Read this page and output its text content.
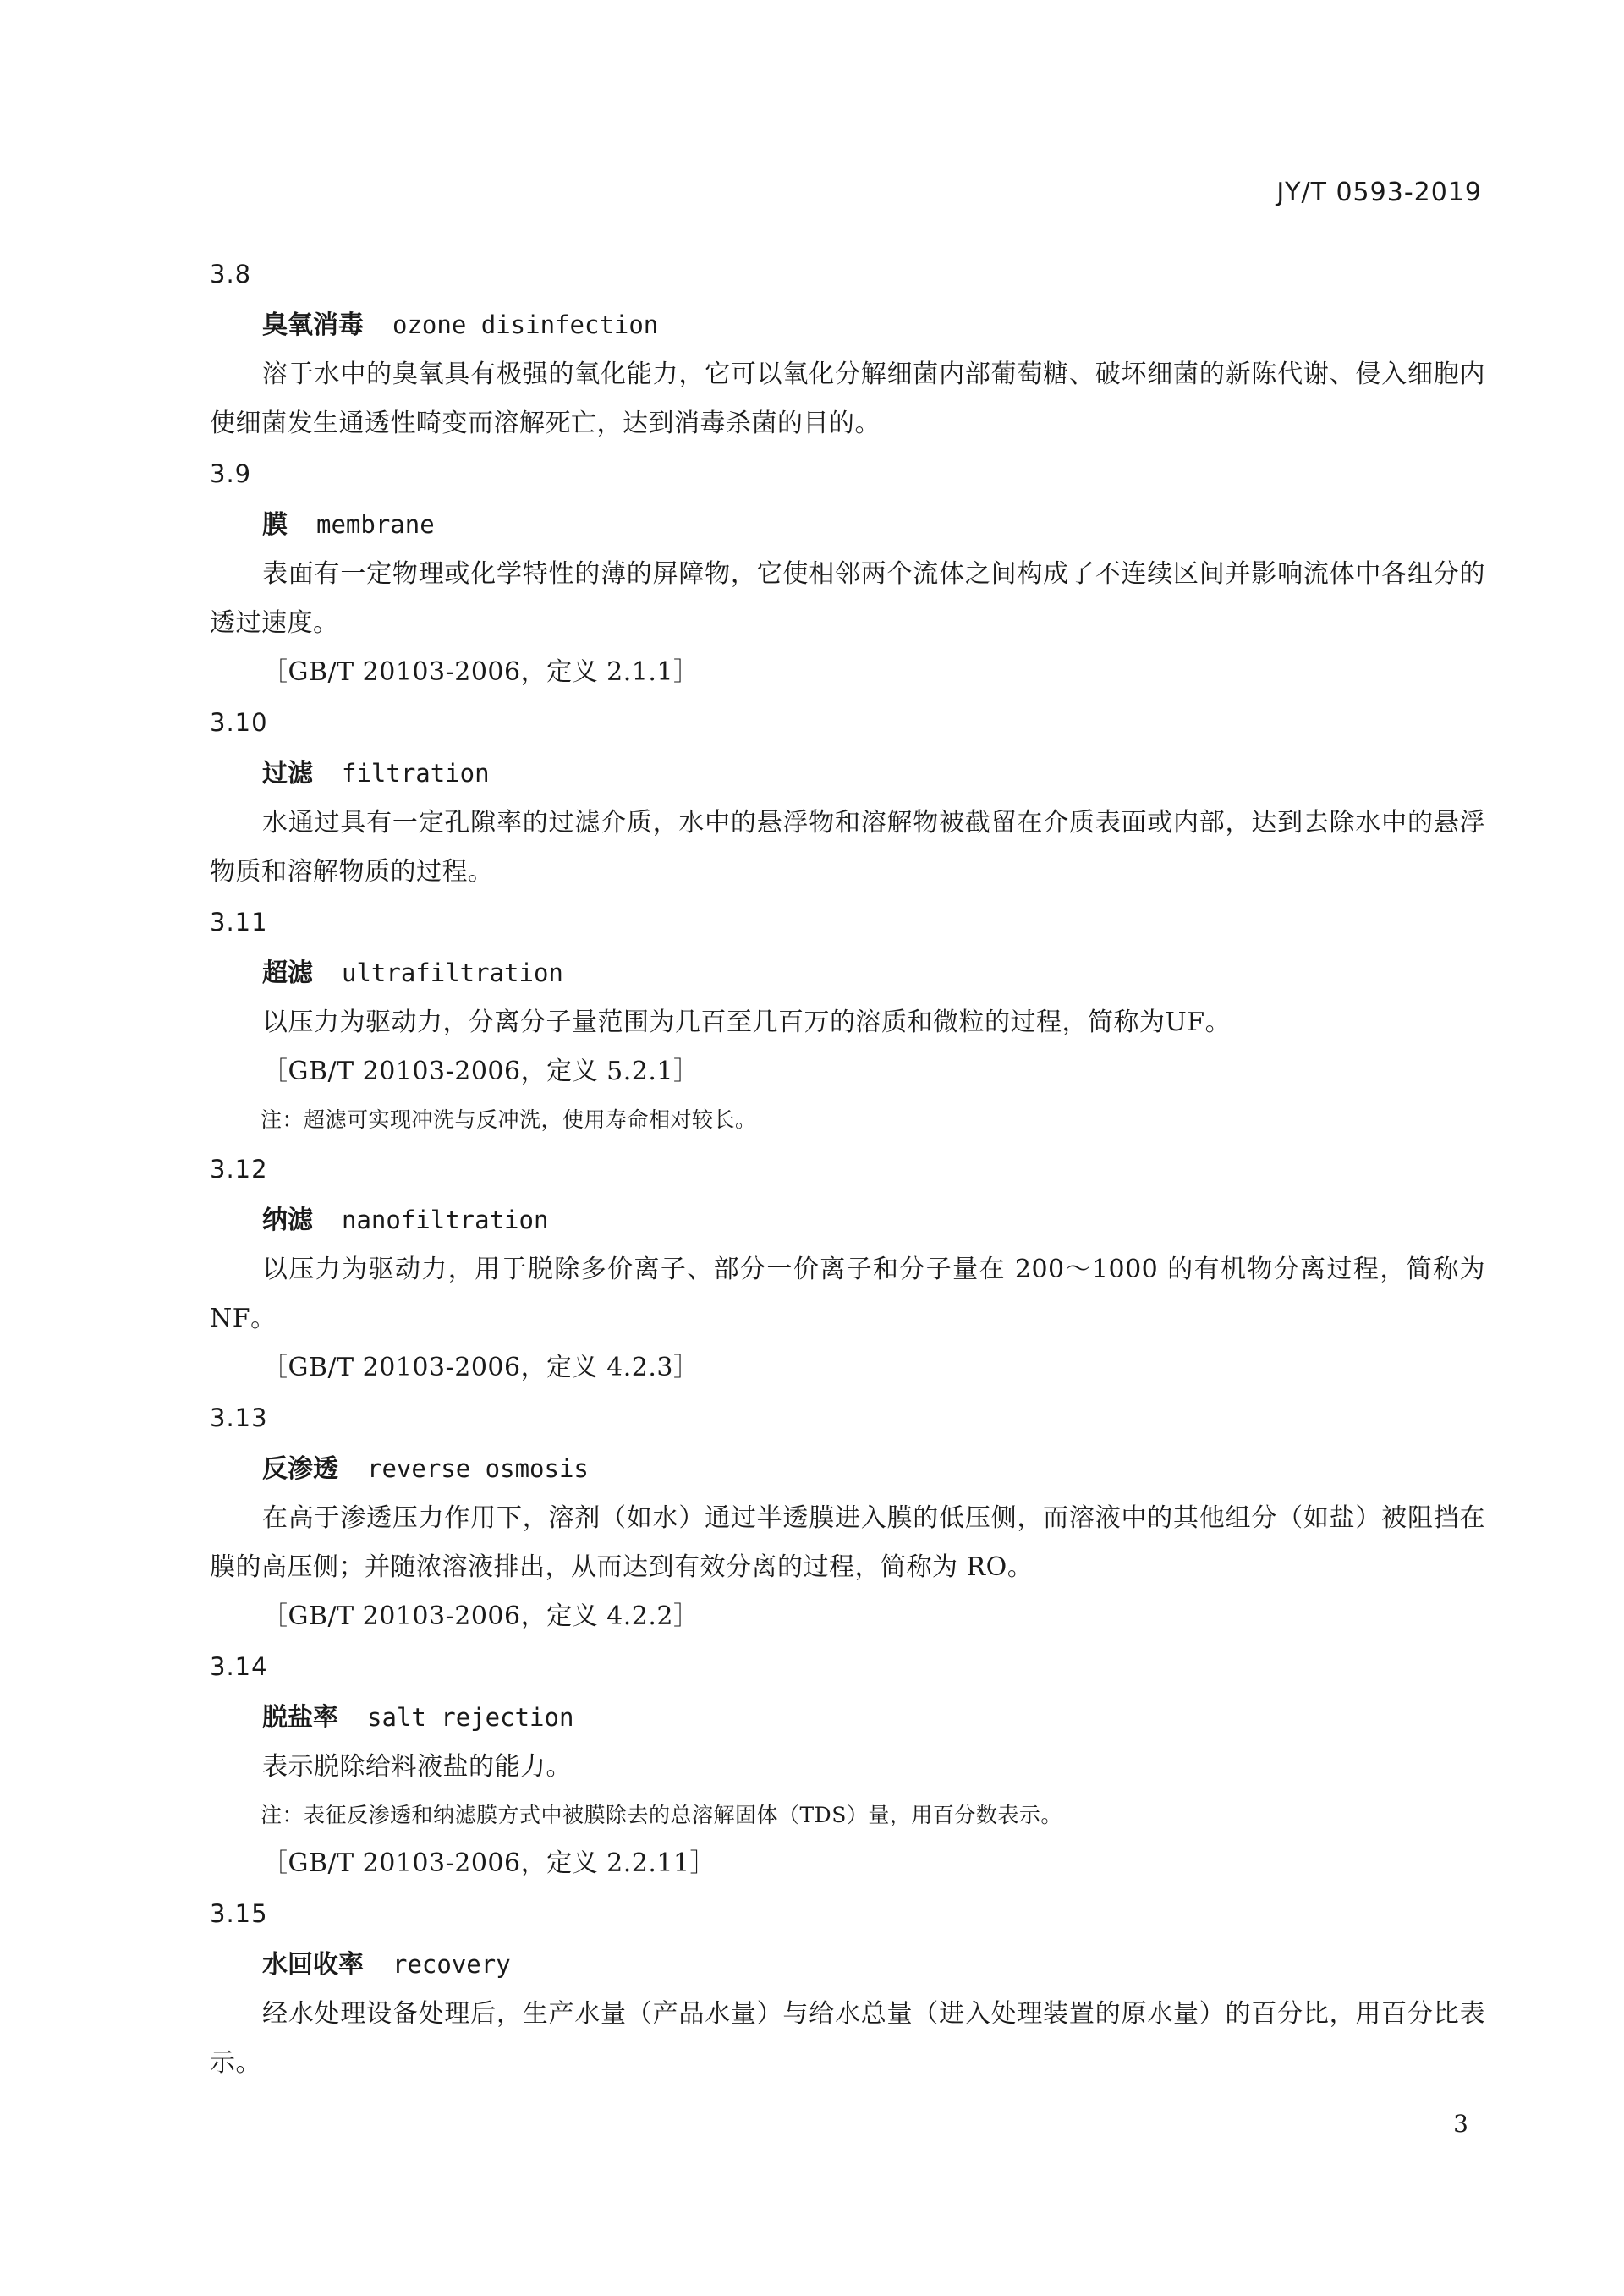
JY/T 0593-2019
3.8
臭氧消毒 ozone disinfection

溶于水中的臭氧具有极强的氧化能力，它可以氧化分解细菌内部葡萄糖、破坏细菌的新陈代谢、侵入细胞内使细菌发生通透性畸变而溶解死亡，达到消毒杀菌的目的。

3.9
膜 membrane

表面有一定物理或化学特性的薄的屏障物，它使相邻两个流体之间构成了不连续区间并影响流体中各组分的透过速度。

［GB/T 20103-2006，定义 2.1.1］
3.10
过滤 filtration

水通过具有一定孔隙率的过滤介质，水中的悬浮物和溶解物被截留在介质表面或内部，达到去除水中的悬浮物质和溶解物质的过程。

3.11
超滤 ultrafiltration

以压力为驱动力，分离分子量范围为几百至几百万的溶质和微粒的过程，简称为UF。

［GB/T 20103-2006，定义 5.2.1］
注：超滤可实现冲洗与反冲洗，使用寿命相对较长。
3.12
纳滤 nanofiltration

以压力为驱动力，用于脱除多价离子、部分一价离子和分子量在 200～1000 的有机物分离过程，简称为 NF。

［GB/T 20103-2006，定义 4.2.3］
3.13
反渗透 reverse osmosis

在高于渗透压力作用下，溶剂（如水）通过半透膜进入膜的低压侧，而溶液中的其他组分（如盐）被阻挡在膜的高压侧；并随浓溶液排出，从而达到有效分离的过程，简称为 RO。

［GB/T 20103-2006，定义 4.2.2］
3.14
脱盐率 salt rejection

表示脱除给料液盐的能力。

注：表征反渗透和纳滤膜方式中被膜除去的总溶解固体（TDS）量，用百分数表示。
［GB/T 20103-2006，定义 2.2.11］
3.15
水回收率 recovery

经水处理设备处理后，生产水量（产品水量）与给水总量（进入处理装置的原水量）的百分比，用百分比表示。

3
